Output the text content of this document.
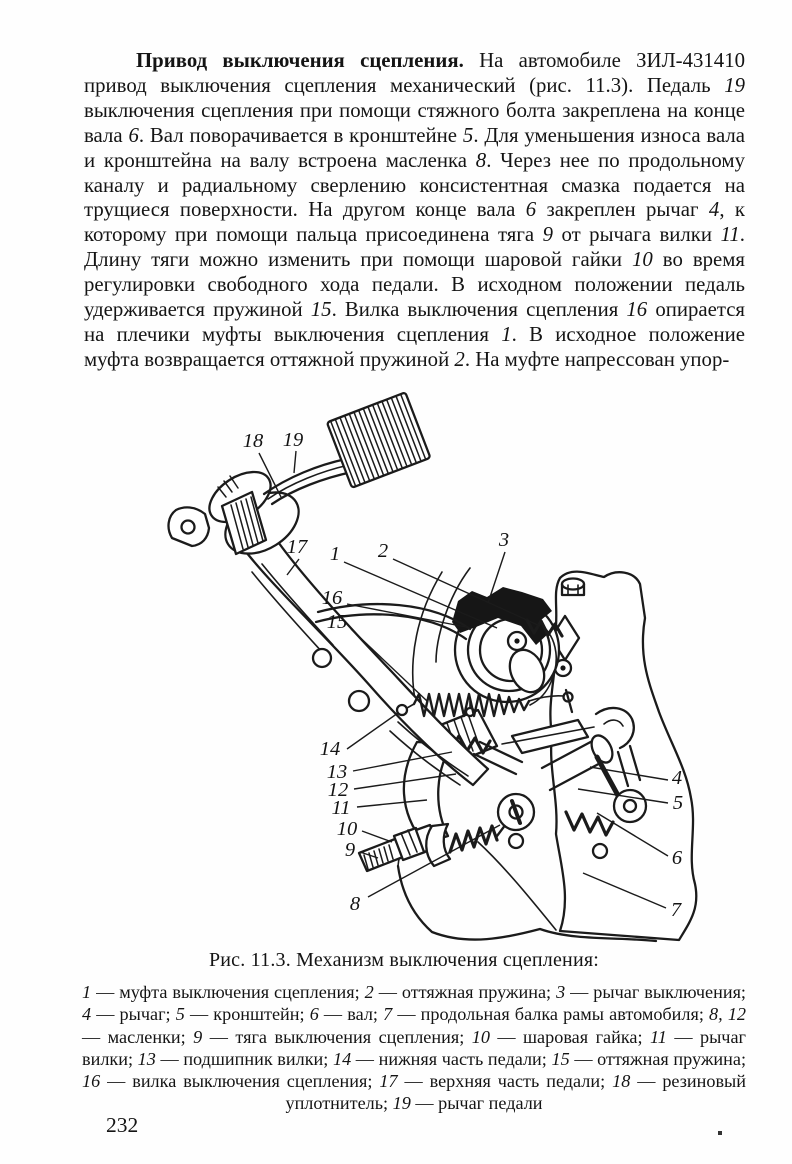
Привод выключения сцепления. На автомобиле ЗИЛ-431410 привод выключения сцепления механический (рис. 11.3). Педаль 19 выключения сцепления при помощи стяжного болта закреплена на конце вала 6. Вал поворачивается в кронштейне 5. Для уменьшения износа вала и кронштейна на валу встроена масленка 8. Через нее по продольному каналу и радиальному сверлению консистентная смазка подается на трущиеся поверхности. На другом конце вала 6 закреплен рычаг 4, к которому при помощи пальца присоединена тяга 9 от рычага вилки 11. Длину тяги можно изменить при помощи шаровой гайки 10 во время регулировки свободного хода педали. В исходном положении педаль удерживается пружиной 15. Вилка выключения сцепления 16 опирается на плечики муфты выключения сцепления 1. В исходное положение муфта возвращается оттяжной пружиной 2. На муфте напрессован упор-
18 19
17 1 2	3
16
15
14
13
12
11
10
9
8
4
5
6
7
Рис. 11.3. Механизм выключения сцепления:
1 — муфта выключения сцепления; 2 — оттяжная пружина; 3 — рычаг выключения; 4 — рычаг; 5 — кронштейн; 6 — вал; 7 — продольная балка рамы автомобиля; 8, 12 — масленки; 9 — тяга выключения сцепления; 10 — шаровая гайка; 11 — рычаг вилки; 13 — подшипник вилки; 14 — нижняя часть педали; 15 — оттяжная пружина; 16 — вилка выключения сцепления; 17 — верхняя часть педали; 18 — резиновый уплотнитель; 19 — рычаг педали
232
